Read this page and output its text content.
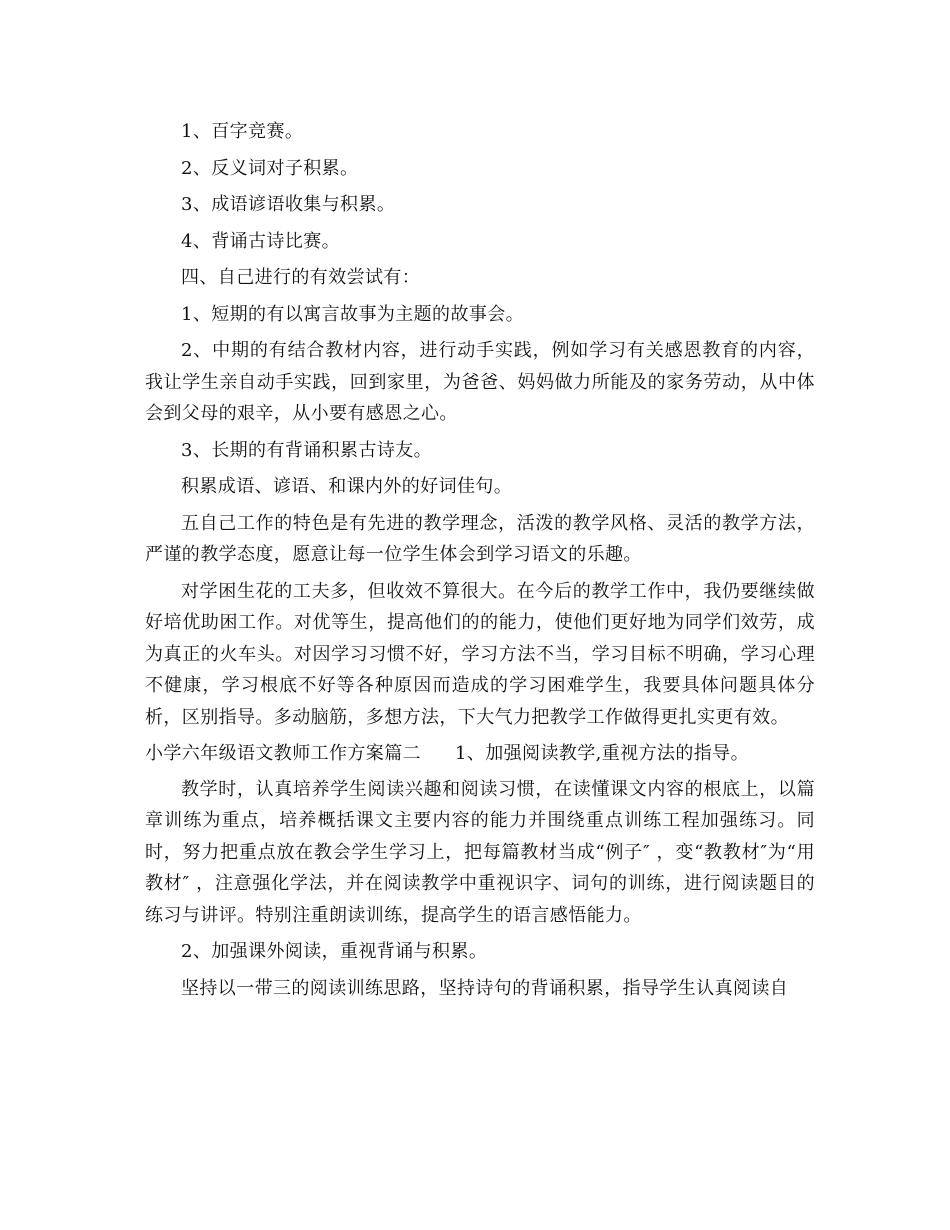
1、百字竞赛。

2、反义词对子积累。

3、成语谚语收集与积累。

4、背诵古诗比赛。

四、自己进行的有效尝试有：

1、短期的有以寓言故事为主题的故事会。

2、中期的有结合教材内容，进行动手实践，例如学习有关感恩教育的内容，我让学生亲自动手实践，回到家里，为爸爸、妈妈做力所能及的家务劳动，从中体会到父母的艰辛，从小要有感恩之心。

3、长期的有背诵积累古诗友。

积累成语、谚语、和课内外的好词佳句。

五自己工作的特色是有先进的教学理念，活泼的教学风格、灵活的教学方法，严谨的教学态度，愿意让每一位学生体会到学习语文的乐趣。

对学困生花的工夫多，但收效不算很大。在今后的教学工作中，我仍要继续做好培优助困工作。对优等生，提高他们的的能力，使他们更好地为同学们效劳，成为真正的火车头。对因学习习惯不好，学习方法不当，学习目标不明确，学习心理不健康，学习根底不好等各种原因而造成的学习困难学生，我要具体问题具体分析，区别指导。多动脑筋，多想方法，下大气力把教学工作做得更扎实更有效。

小学六年级语文教师工作方案篇二 1、加强阅读教学,重视方法的指导。

教学时，认真培养学生阅读兴趣和阅读习惯，在读懂课文内容的根底上，以篇章训练为重点，培养概括课文主要内容的能力并围绕重点训练工程加强练习。同时，努力把重点放在教会学生学习上，把每篇教材当成“例子″ ，变“教教材″为“用教材″ ，注意强化学法，并在阅读教学中重视识字、词句的训练，进行阅读题目的练习与讲评。特别注重朗读训练，提高学生的语言感悟能力。

2、加强课外阅读，重视背诵与积累。

坚持以一带三的阅读训练思路，坚持诗句的背诵积累，指导学生认真阅读自
